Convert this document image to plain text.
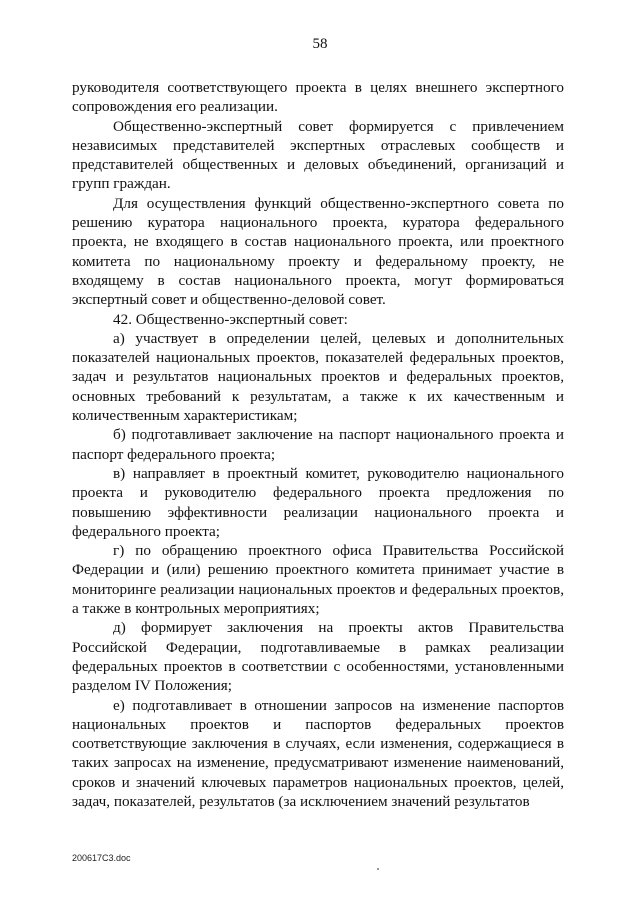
58

руководителя соответствующего проекта в целях внешнего экспертного сопровождения его реализации.

Общественно-экспертный совет формируется с привлечением независимых представителей экспертных отраслевых сообществ и представителей общественных и деловых объединений, организаций и групп граждан.

Для осуществления функций общественно-экспертного совета по решению куратора национального проекта, куратора федерального проекта, не входящего в состав национального проекта, или проектного комитета по национальному проекту и федеральному проекту, не входящему в состав национального проекта, могут формироваться экспертный совет и общественно-деловой совет.

42. Общественно-экспертный совет:

а) участвует в определении целей, целевых и дополнительных показателей национальных проектов, показателей федеральных проектов, задач и результатов национальных проектов и федеральных проектов, основных требований к результатам, а также к их качественным и количественным характеристикам;

б) подготавливает заключение на паспорт национального проекта и паспорт федерального проекта;

в) направляет в проектный комитет, руководителю национального проекта и руководителю федерального проекта предложения по повышению эффективности реализации национального проекта и федерального проекта;

г) по обращению проектного офиса Правительства Российской Федерации и (или) решению проектного комитета принимает участие в мониторинге реализации национальных проектов и федеральных проектов, а также в контрольных мероприятиях;

д) формирует заключения на проекты актов Правительства Российской Федерации, подготавливаемые в рамках реализации федеральных проектов в соответствии с особенностями, установленными разделом IV Положения;

е) подготавливает в отношении запросов на изменение паспортов национальных проектов и паспортов федеральных проектов соответствующие заключения в случаях, если изменения, содержащиеся в таких запросах на изменение, предусматривают изменение наименований, сроков и значений ключевых параметров национальных проектов, целей, задач, показателей, результатов (за исключением значений результатов

200617С3.doc
